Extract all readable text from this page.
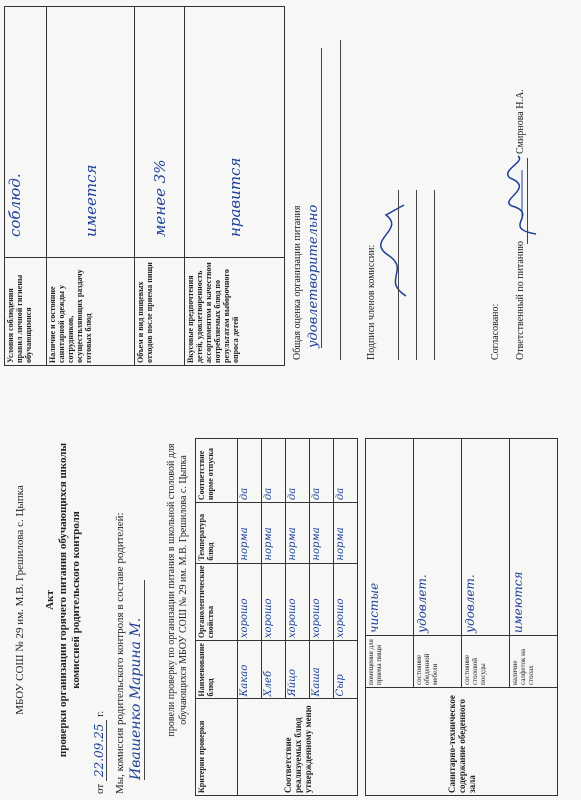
МБОУ СОШ № 29 им. М.В. Грешилова с. Цыпка Акт проверки организации горячего питания обучающихся школы комиссией родительского контроля
от 22.09.25 г. Мы, комиссия родительского контроля в составе родителей: Ивашенко Марина М. провели проверку по организации питания в школьной столовой для обучающихся МБОУ СОШ № 29 им. М.В. Грешилова с. Цыпка
Критерии проверки	Наименование блюд	Органолептические свойства	Температура блюд	Соответствие норме отпуска
Соответствие реализуемых блюд утвержденному меню	Какао	хорошо	норма	да
	Хлеб	хорошо	норма	да
	Яйцо	хорошо	норма	да
	Каша	хорошо	норма	да
	Сыр	хорошо	норма	да
Санитарно-техническое содержание обеденного зала	помещения для приема пищи	чистые
	состояние обеденной мебели	удовлет.
	состояние столовой посуды	удовлет.
	наличие салфеток на столах	имеются
Условия соблюдения правил личной гигиены обучающимися	соблюд.
Наличие и состояние санитарной одежды у сотрудников, осуществляющих раздачу готовых блюд	имеется
Объем и вид пищевых отходов после приема пищи	менее 3%
Вкусовые предпочтения детей, удовлетворенность ассортиментом и качеством потребляемых блюд по результатам выборочного опроса детей	нравится
Общая оценка организации питания удовлетворительно	Подписи членов комиссии:	Согласовано: Ответственный по питанию
Смирнова Н.А.
